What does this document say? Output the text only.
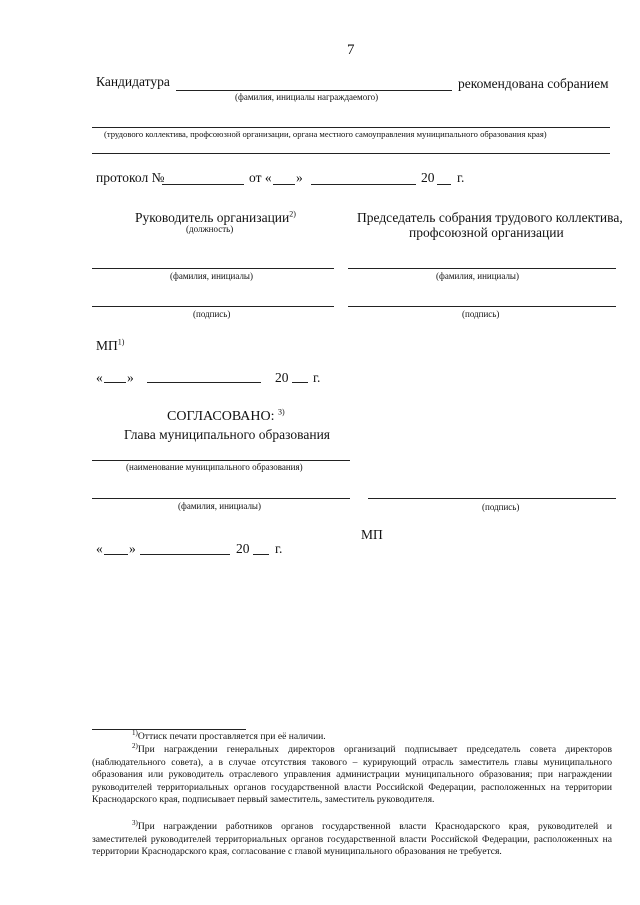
7
Кандидатура	рекомендована собранием
(фамилия, инициалы награждаемого)
(трудового коллектива, профсоюзной организации, органа местного самоуправления муниципального образования края)
протокол №	от « »	20 г.
Руководитель организации$^{2)}$
(должность)
(фамилия, инициалы)
(подпись)
Председатель собрания трудового коллектива,
профсоюзной организации
(фамилия, инициалы)
(подпись)
МП$^{1)}$
« »	20 г.
СОГЛАСОВАНО: $^{3)}$
Глава муниципального образования
(наименование муниципального образования)
(фамилия, инициалы)	(подпись)
МП
« »	20 г.
$^{1)}$Оттиск печати проставляется при её наличии.
$^{2)}$При награждении генеральных директоров организаций подписывает председатель совета директоров (наблюдательного совета), а в случае отсутствия такового – курирующий отрасль заместитель главы муниципального образования или руководитель отраслевого управления администрации муниципального образования; при награждении руководителей территориальных органов государственной власти Российской Федерации, расположенных на территории Краснодарского края, подписывает первый заместитель, заместитель руководителя.
$^{3)}$При награждении работников органов государственной власти Краснодарского края, руководителей и заместителей руководителей территориальных органов государственной власти Российской Федерации, расположенных на территории Краснодарского края, согласование с главой муниципального образования не требуется.
